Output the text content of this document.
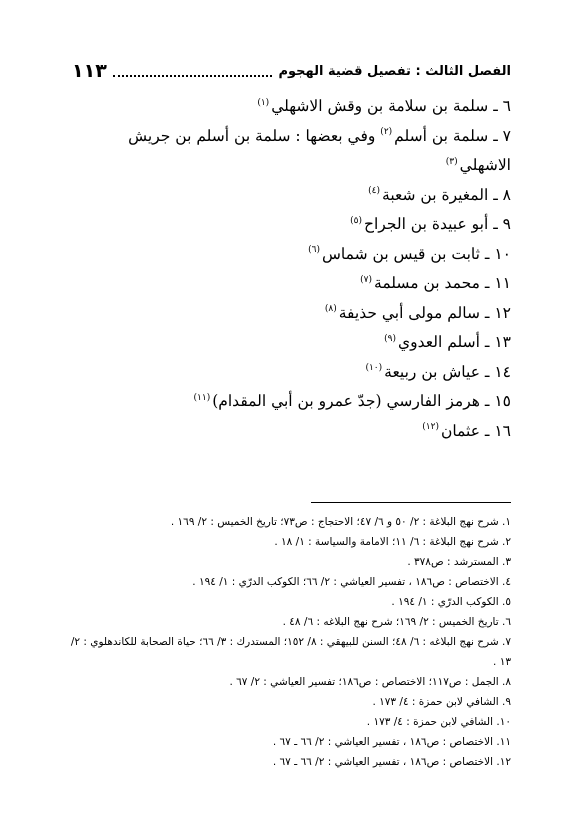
الفصل الثالث : تفصيل قضية الهجوم
١١٣
٦ ـ سلمة بن سلامة بن وقش الاشهلي$^{(١)}$
٧ ـ سلمة بن أسلم$^{(٢)}$ وفي بعضها : سلمة بن أسلم بن جريش الاشهلي$^{(٣)}$
٨ ـ المغيرة بن شعبة$^{(٤)}$
٩ ـ أبو عبيدة بن الجراح$^{(٥)}$
١٠ ـ ثابت بن قيس بن شماس$^{(٦)}$
١١ ـ محمد بن مسلمة$^{(٧)}$
١٢ ـ سالم مولى أبي حذيفة$^{(٨)}$
١٣ ـ أسلم العدوي$^{(٩)}$
١٤ ـ عياش بن ربيعة$^{(١٠)}$
١٥ ـ هرمز الفارسي (جدّ عمرو بن أبي المقدام)$^{(١١)}$
١٦ ـ عثمان$^{(١٢)}$
١. شرح نهج البلاغة : ٢/ ٥٠ و ٦/ ٤٧؛ الاحتجاج : ص٧٣؛ تاريخ الخميس : ٢/ ١٦٩ .
٢. شرح نهج البلاغة : ٦/ ١١؛ الامامة والسياسة : ١/ ١٨ .
٣. المسترشد : ص٣٧٨ .
٤. الاختصاص : ص١٨٦ ، تفسير العياشي : ٢/ ٦٦؛ الكوكب الدرّي : ١/ ١٩٤ .
٥. الكوكب الدرّي : ١/ ١٩٤ .
٦. تاريخ الخميس : ٢/ ١٦٩؛ شرح نهج البلاغه : ٦/ ٤٨ .
٧. شرح نهج البلاغه : ٦/ ٤٨؛ السنن للبيهقي : ٨/ ١٥٢؛ المستدرك : ٣/ ٦٦؛ حياة الصحابة للكاندهلوي : ٢/ ١٣ .
٨. الجمل : ص١١٧؛ الاختصاص : ص١٨٦؛ تفسير العياشي : ٢/ ٦٧ .
٩. الشافي لابن حمزة : ٤/ ١٧٣ .
١٠. الشافي لابن حمزة : ٤/ ١٧٣ .
١١. الاختصاص : ص١٨٦ ، تفسير العياشي : ٢/ ٦٦ ـ ٦٧ .
١٢. الاختصاص : ص١٨٦ ، تفسير العياشي : ٢/ ٦٦ ـ ٦٧ .
